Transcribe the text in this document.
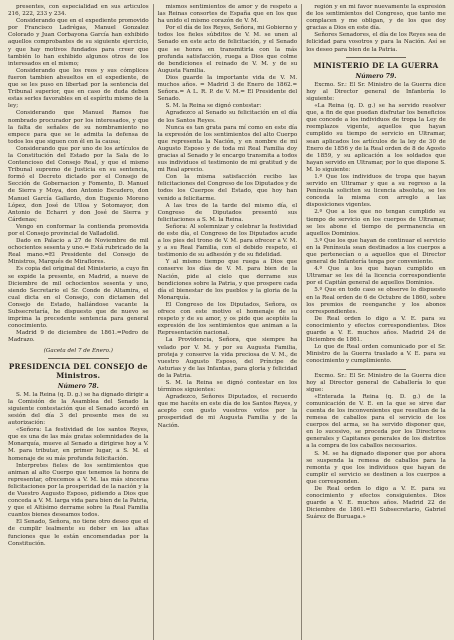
presentes, con especialidad en sus artículos 216, 222, 233 y 234.

Considerando que en el expediente promovido por Francisco Ladrégas, Manuel Gonzalez Colorado y Juan Corbayona García han exhibido aquellos comprobantes de su siguiente ejercicio, y que hay motivos fundados para creer que también lo han exhibido algunos otros de los interesados en el mismo;

Considerando que los reos y sus cómplices fueron tambien absueltos en el expediente, de que se les puso en libertad por la sentencia del Tribunal superior, que en caso de duda deben estas serles favorables en el espíritu mismo de la ley;

Considerando que Manuel Ramos fue nombrado procurador por los interesados, y que la falta de señales de su nombramiento no empece para que se le admita la defensa de todos los que siguen con él en la causa;

Considerando que por uno de los artículos de la Constitución del Estado por la Sala de lo Contencioso del Consejo Real, y que el mismo Tribunal supremo de Justicia en su sentencia, formó el Decreto dictado por el Consejo de Sección de Gobernacion y Fomento, D. Manuel de Sierra y Moya, don Antonio Escudero, don Manuel García Gallardo, don Eugenio Moreno López, don José de Ulloa y Sotomayor, don Antonio de Echarri y don José de Sierra y Cárdenas;

Vengo en conformar la contienda promovida por el Consejo provincial de Valladolid.

Dado en Palacio a 27 de Noviembre de mil ochocientos sesenta y uno.= Está rubricado de la Real mano.=El Presidente del Consejo de Ministros, Marqués de Miraflores.

Es copia del original del Ministerio, a cuyo fin se expide la presente, en Madrid, a nueve de Diciembre de mil ochocientos sesenta y uno, siendo Secretario el Sr. Conde de Altamira, el cual dicta en el Consejo, con dictamen del Consejo de Estado, hallándose vacante la Subsecretaría, he dispuesto que de nuevo se imprima la precedente sentencia para general conocimiento.

Madrid 9 de diciembre de 1861.=Pedro de Madrazo.

(Gaceta del 7 de Enero.)

PRESIDENCIA DEL CONSEJO de Ministros.

Número 78.

S. M. la Reina (q. D. g.) se ha dignado dirigir a la Comisión de la Asamblea del Senado la siguiente contestación que el Senado acordó en sesión del día 3 del presente mes de su autorización:

«Señora: La festividad de los santos Reyes, que es una de las más gratas solemnidades de la Monarquía, mueve al Senado a dirigirse hoy a V. M. para tributar, en primer lugar, a S. M. el homenaje de su más profunda felicitación.

Interpretes fieles de los sentimientos que animan al alto Cuerpo que tenemos la honra de representar, ofrecemos a V. M. las más sinceras felicitaciones por la prosperidad de la nación y la de Vuestro Augusto Esposo, pidiendo a Dios que conceda a V. M. larga vida para bien de la Patria, y que el Altísimo derrame sobre la Real Familia cuantos bienes deseamos todos.

El Senado, Señora, no tiene otro deseo que el de cumplir lealmente su deber en las altas funciones que le están encomendadas por la Constitución.

mismos sentimientos de amor y de respeto a las Reinas consortes de España que en los que ha unido el mismo corazón de V. M.

Por el día de los Reyes, Señora, mi Gobierno y todos los fieles súbditos de V. M. se unen al Senado en este acto de felicitación, y el Senado que se honra en transmitirla con la más profunda satisfacción, ruega a Dios que colme de bendiciones el reinado de V. M. y de su Augusta Familia.

Dios guarde la importante vida de V. M. muchos años. = Madrid 3 de Enero de 1862.= Señora.= A L. R. P. de V. M.= El Presidente del Senado.

S. M. la Reina se dignó contestar:

Agradezco al Senado su felicitación en el día de los Santos Reyes.

Nunca es tan grata para mí como en este día la expresión de los sentimientos del alto Cuerpo que representa la Nación, y en nombre de mi Augusto Esposo y de toda mi Real Familia doy gracias al Senado y le encargo transmita a todos sus individuos el testimonio de mi gratitud y de mi Real aprecio.

Con la misma satisfacción recibo las felicitaciones del Congreso de los Diputados y de todos los Cuerpos del Estado, que hoy han venido a felicitarme.

A las tres de la tarde del mismo día, el Congreso de Diputados presentó sus felicitaciones a S. M. la Reina.

Señora: Al solemnizar y celebrar la festividad de este día, el Congreso de los Diputados acude a los pies del trono de V. M. para ofrecer a V. M. y a su Real Familia, con el debido respeto, el testimonio de su adhesión y de su fidelidad.

Y al mismo tiempo que ruega a Dios que conserve los días de V. M. para bien de la Nación, pide al cielo que derrame sus bendiciones sobre la Patria, y que prospere cada día el bienestar de los pueblos y la gloria de la Monarquía.

El Congreso de los Diputados, Señora, os ofrece con este motivo el homenaje de su respeto y de su amor, y os pide que aceptéis la expresión de los sentimientos que animan a la Representación nacional.

La Providencia, Señora, que siempre ha velado por V. M. y por su Augusta Familia, proteja y conserve la vida preciosa de V. M., de vuestro Augusto Esposo, del Príncipe de Asturias y de las Infantas, para gloria y felicidad de la Patria.

S. M. la Reina se dignó contestar en los términos siguientes:

Agradezco, Señores Diputados, el recuerdo que me hacéis en este día de los Santos Reyes, y acepto con gusto vuestros votos por la prosperidad de mi Augusta Familia y de la Nación.

región y en mi favor nuevamente la expresión de los sentimientos del Congreso, que tanto me complacen y me obligan, y de los que doy gracias a Dios en este día.

Señores Senadores, el día de los Reyes sea de felicidad para vosotros y para la Nación. Así se los deseo para bien de la Patria.

MINISTERIO DE LA GUERRA

Número 79.

Excmo. Sr.: El Sr. Ministro de la Guerra dice hoy al Director general de Infantería lo siguiente:

«La Reina (q. D. g.) se ha servido resolver que, a fin de que puedan disfrutar los beneficios que concede a los individuos de tropa la Ley de reemplazos vigente, aquellos que hayan cumplido su tiempo de servicio en Ultramar, sean aplicados los artículos de la ley de 30 de Enero de 1856 y de la Real orden de 8 de Agosto de 1859, y su aplicación a los soldados que hayan servido en Ultramar, por lo que dispone S. M. lo siguiente:

1.º Que los individuos de tropa que hayan servido en Ultramar y que a su regreso a la Península soliciten su licencia absoluta, se les conceda la misma con arreglo a las disposiciones vigentes.

2.º Que a los que no tengan cumplido su tiempo de servicio en los cuerpos de Ultramar, se les abone el tiempo de permanencia en aquellos Dominios.

3.º Que los que hayan de continuar el servicio en la Península sean destinados a los cuerpos a que pertenecían o a aquellos que el Director general de Infantería tenga por conveniente.

4.º Que a los que hayan cumplido en Ultramar se les dé la licencia correspondiente por el Capitán general de aquellos Dominios.

5.º Que en todo caso se observe lo dispuesto en la Real orden de 6 de Octubre de 1860, sobre los premios de reenganche y los abonos correspondientes.

De Real orden lo digo a V. E. para su conocimiento y efectos correspondientes. Dios guarde a V. E. muchos años. Madrid 24 de Diciembre de 1861.

Lo que de Real orden comunicado por el Sr. Ministro de la Guerra traslado a V. E. para su conocimiento y cumplimiento.

Excmo. Sr.: El Sr. Ministro de la Guerra dice hoy al Director general de Caballería lo que sigue:

«Enterada la Reina (q. D. g.) de la comunicación de V. E. en la que se sirve dar cuenta de los inconvenientes que resultan de la remesa de caballos para el servicio de los cuerpos del arma, se ha servido disponer que, en lo sucesivo, se proceda por los Directores generales y Capitanes generales de los distritos a la compra de los caballos necesarios.

S. M. se ha dignado disponer que por ahora se suspenda la remesa de caballos para la remonta y que los individuos que hayan de cumplir el servicio se destinen a los cuerpos a que corresponden.

De Real orden lo digo a V. E. para su conocimiento y efectos consiguientes. Dios guarde a V. E. muchos años. Madrid 22 de Diciembre de 1861.=El Subsecretario, Gabriel Suárez de Buruaga.»
